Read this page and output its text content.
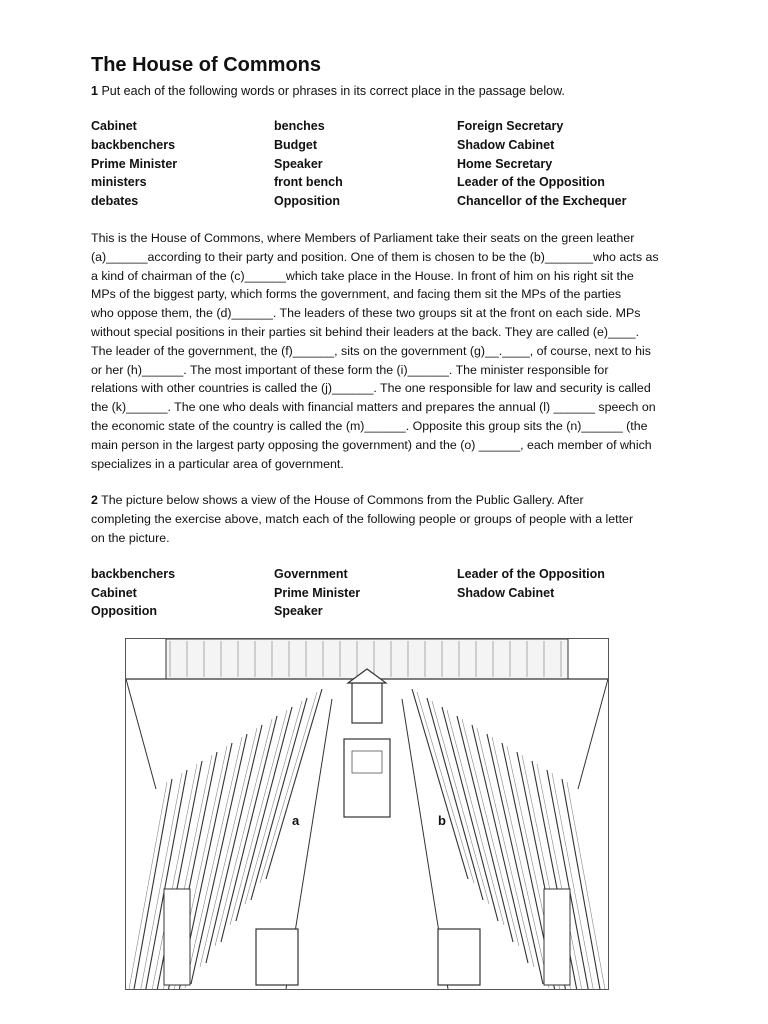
The House of Commons

1 Put each of the following words or phrases in its correct place in the passage below.

Cabinet	benches	Foreign Secretary
backbenchers	Budget	Shadow Cabinet
Prime Minister	Speaker	Home Secretary
ministers	front bench	Leader of the Opposition
debates	Opposition	Chancellor of the Exchequer
This is the House of Commons, where Members of Parliament take their seats on the green leather
(a)______according to their party and position. One of them is chosen to be the (b)_______who acts as
a kind of chairman of the (c)______which take place in the House. In front of him on his right sit the
MPs of the biggest party, which forms the government, and facing them sit the MPs of the parties
who oppose them, the (d)______. The leaders of these two groups sit at the front on each side. MPs
without special positions in their parties sit behind their leaders at the back. They are called (e)____.
The leader of the government, the (f)______, sits on the government (g)__.____, of course, next to his
or her (h)______. The most important of these form the (i)______. The minister responsible for
relations with other countries is called the (j)______. The one responsible for law and security is called
the (k)______. The one who deals with financial matters and prepares the annual (l) ______ speech on
the economic state of the country is called the (m)______. Opposite this group sits the (n)______ (the
main person in the largest party opposing the government) and the (o) ______, each member of which
specializes in a particular area of government.
2 The picture below shows a view of the House of Commons from the Public Gallery. After
completing the exercise above, match each of the following people or groups of people with a letter
on the picture.
backbenchers	Government	Leader of the Opposition
Cabinet	Prime Minister	Shadow Cabinet
Opposition	Speaker
a	b
